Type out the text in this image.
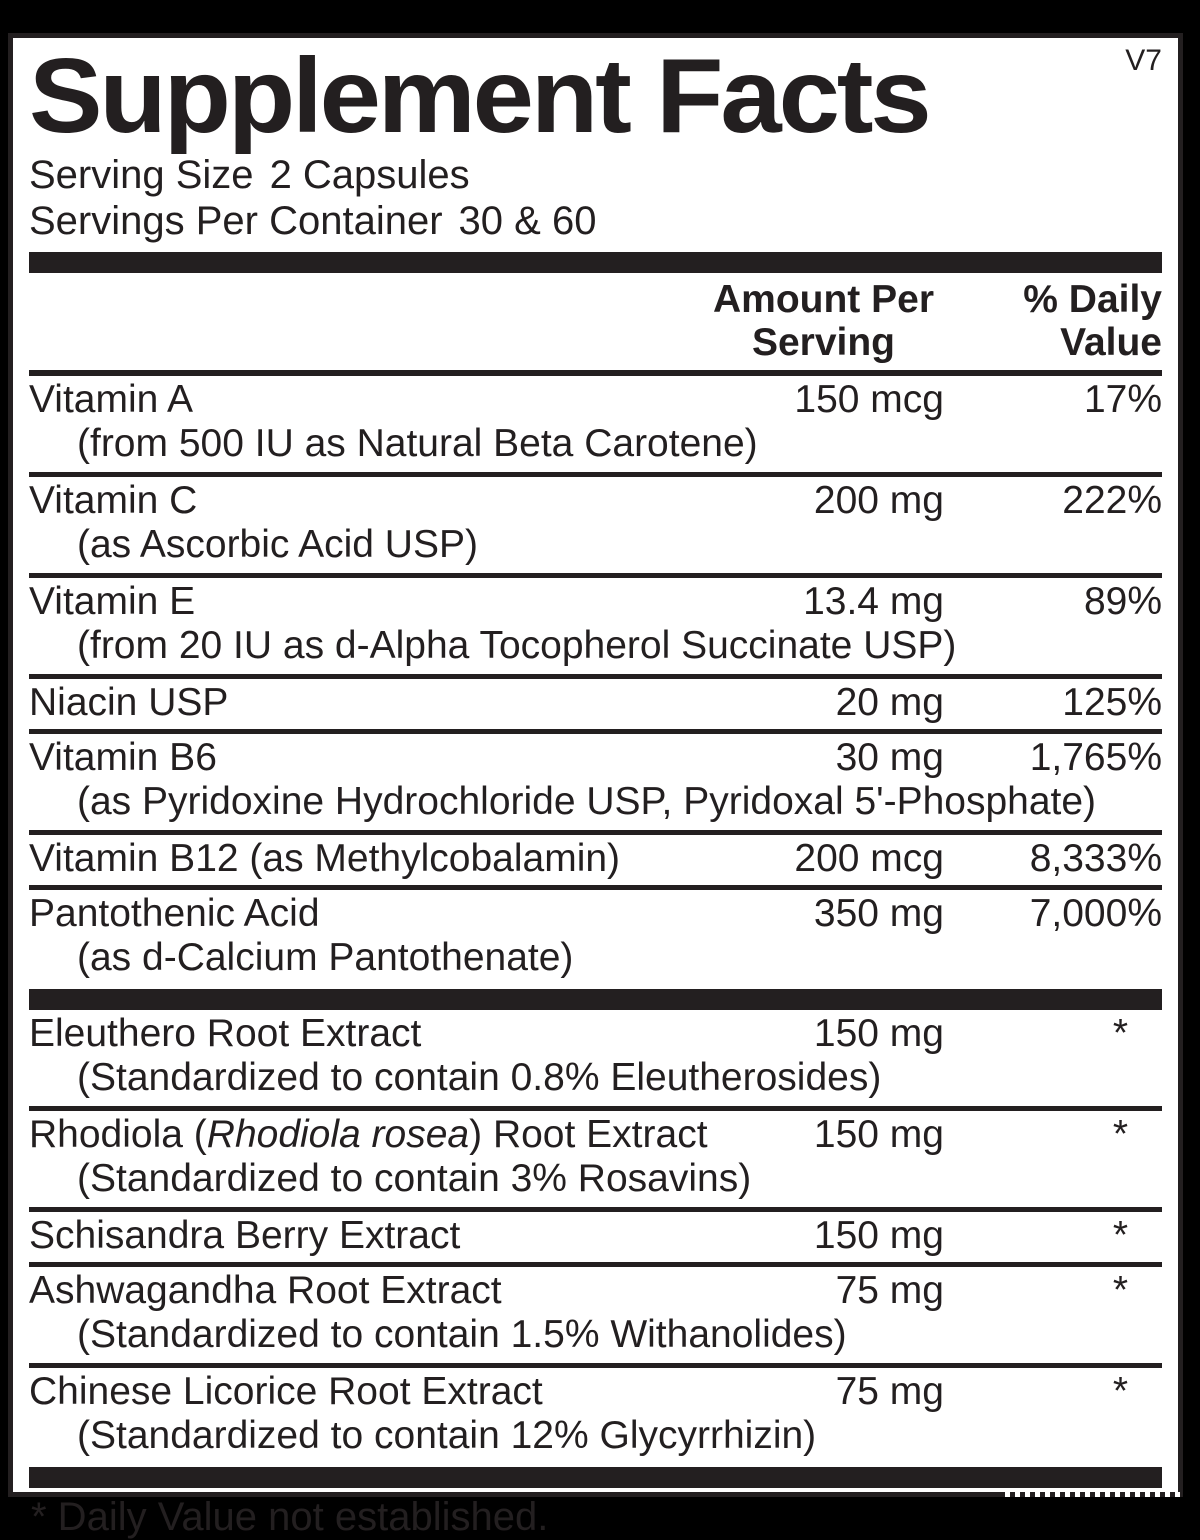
Supplement Facts	V7
Serving Size 2 Capsules
Servings Per Container 30 & 60
Amount Per
Serving
% Daily
Value
Vitamin A	150 mcg	17%
(from 500 IU as Natural Beta Carotene)
Vitamin C	200 mg	222%
(as Ascorbic Acid USP)
Vitamin E	13.4 mg	89%
(from 20 IU as d-Alpha Tocopherol Succinate USP)
Niacin USP	20 mg	125%
Vitamin B6	30 mg	1,765%
(as Pyridoxine Hydrochloride USP, Pyridoxal 5'-Phosphate)
Vitamin B12 (as Methylcobalamin)	200 mcg	8,333%
Pantothenic Acid	350 mg	7,000%
(as d-Calcium Pantothenate)
Eleuthero Root Extract	150 mg	*
(Standardized to contain 0.8% Eleutherosides)
Rhodiola (Rhodiola rosea) Root Extract	150 mg	*
(Standardized to contain 3% Rosavins)
Schisandra Berry Extract	150 mg	*
Ashwagandha Root Extract	75 mg	*
(Standardized to contain 1.5% Withanolides)
Chinese Licorice Root Extract	75 mg	*
(Standardized to contain 12% Glycyrrhizin)
* Daily Value not established.
